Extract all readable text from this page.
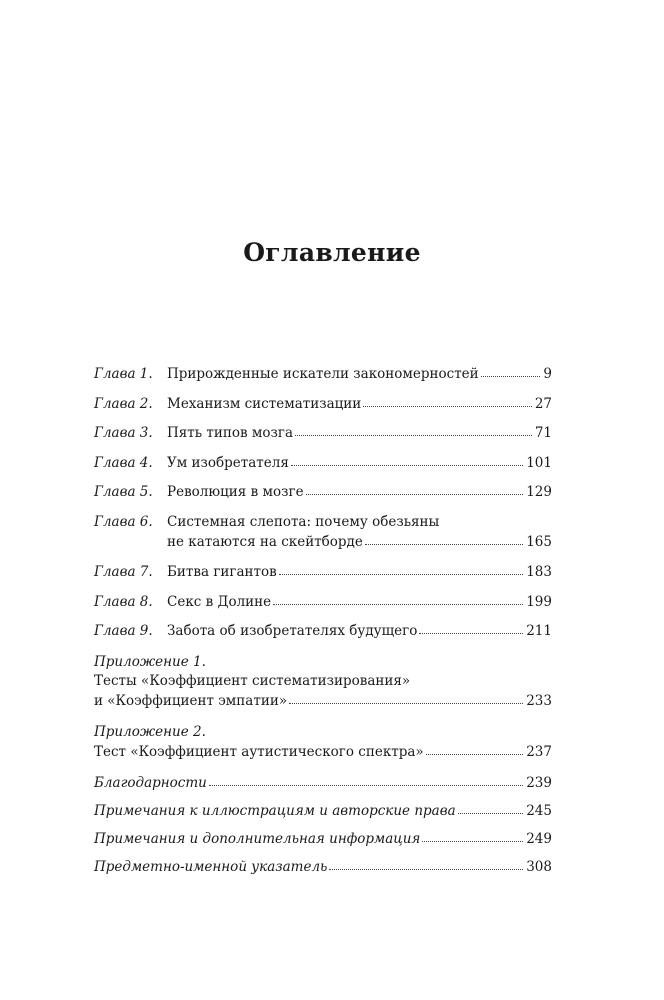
Оглавление
Глава 1.	Прирожденные искатели закономерностей	9
Глава 2.	Механизм систематизации	27
Глава 3.	Пять типов мозга	71
Глава 4.	Ум изобретателя	101
Глава 5.	Революция в мозге	129
Глава 6.	Системная слепота: почему обезьяны
не катаются на скейтборде	165
Глава 7.	Битва гигантов	183
Глава 8.	Секс в Долине	199
Глава 9.	Забота об изобретателях будущего	211
Приложение 1.
Тесты «Коэффициент систематизирования»
и «Коэффициент эмпатии»	233
Приложение 2.
Тест «Коэффициент аутистического спектра»	237
Благодарности	239
Примечания к иллюстрациям и авторские права	245
Примечания и дополнительная информация	249
Предметно-именной указатель	308
